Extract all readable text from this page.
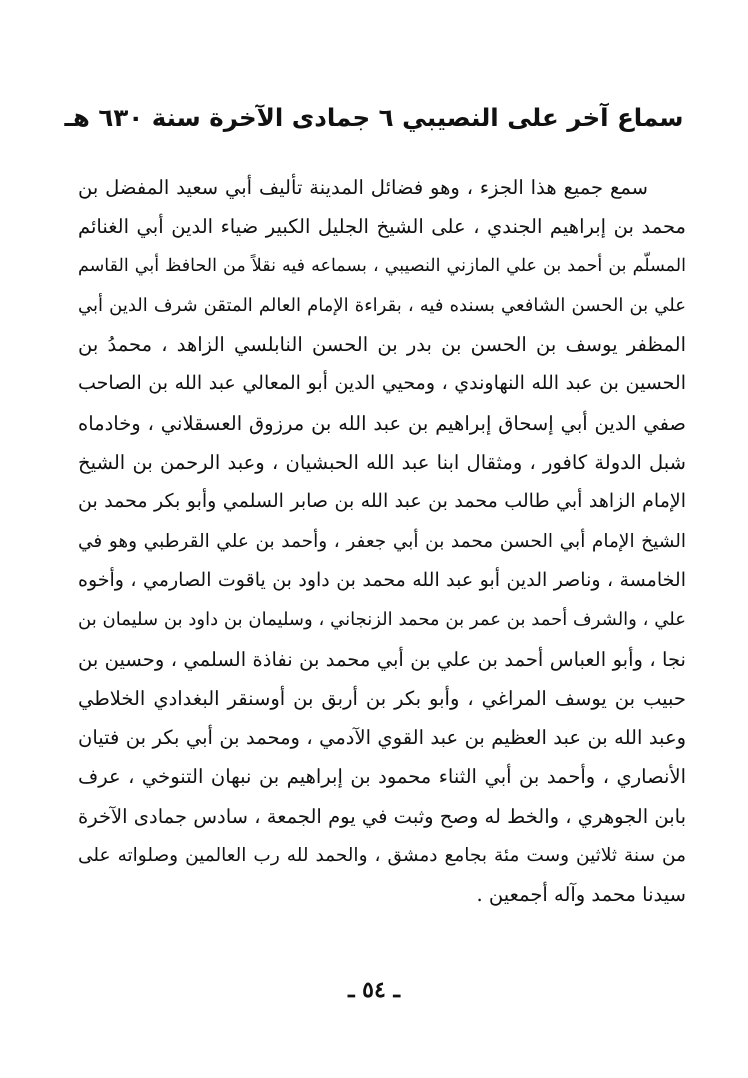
سماع آخر على النصيبي ٦ جمادى الآخرة سنة ٦٣٠ هـ
سمع جميع هذا الجزء ، وهو فضائل المدينة تأليف أبي سعيد المفضل بن
محمد بن إبراهيم الجندي ، على الشيخ الجليل الكبير ضياء الدين أبي الغنائم
المسلّم بن أحمد بن علي المازني النصيبي ، بسماعه فيه نقلاً من الحافظ أبي القاسم
علي بن الحسن الشافعي بسنده فيه ، بقراءة الإمام العالم المتقن شرف الدين أبي
المظفر يوسف بن الحسن بن بدر بن الحسن النابلسي الزاهد ، محمدُ بن
الحسين بن عبد الله النهاوندي ، ومحيي الدين أبو المعالي عبد الله بن الصاحب
صفي الدين أبي إسحاق إبراهيم بن عبد الله بن مرزوق العسقلاني ، وخادماه
شبل الدولة كافور ، ومثقال ابنا عبد الله الحبشيان ، وعبد الرحمن بن الشيخ
الإمام الزاهد أبي طالب محمد بن عبد الله بن صابر السلمي وأبو بكر محمد بن
الشيخ الإمام أبي الحسن محمد بن أبي جعفر ، وأحمد بن علي القرطبي وهو في
الخامسة ، وناصر الدين أبو عبد الله محمد بن داود بن ياقوت الصارمي ، وأخوه
علي ، والشرف أحمد بن عمر بن محمد الزنجاني ، وسليمان بن داود بن سليمان بن
نجا ، وأبو العباس أحمد بن علي بن أبي محمد بن نفاذة السلمي ، وحسين بن
حبيب بن يوسف المراغي ، وأبو بكر بن أربق بن أوسنقر البغدادي الخلاطي
وعبد الله بن عبد العظيم بن عبد القوي الآدمي ، ومحمد بن أبي بكر بن فتيان
الأنصاري ، وأحمد بن أبي الثناء محمود بن إبراهيم بن نبهان التنوخي ، عرف
بابن الجوهري ، والخط له وصح وثبت في يوم الجمعة ، سادس جمادى الآخرة
من سنة ثلاثين وست مئة بجامع دمشق ، والحمد لله رب العالمين وصلواته على
سيدنا محمد وآله أجمعين .
ـ ٥٤ ـ
